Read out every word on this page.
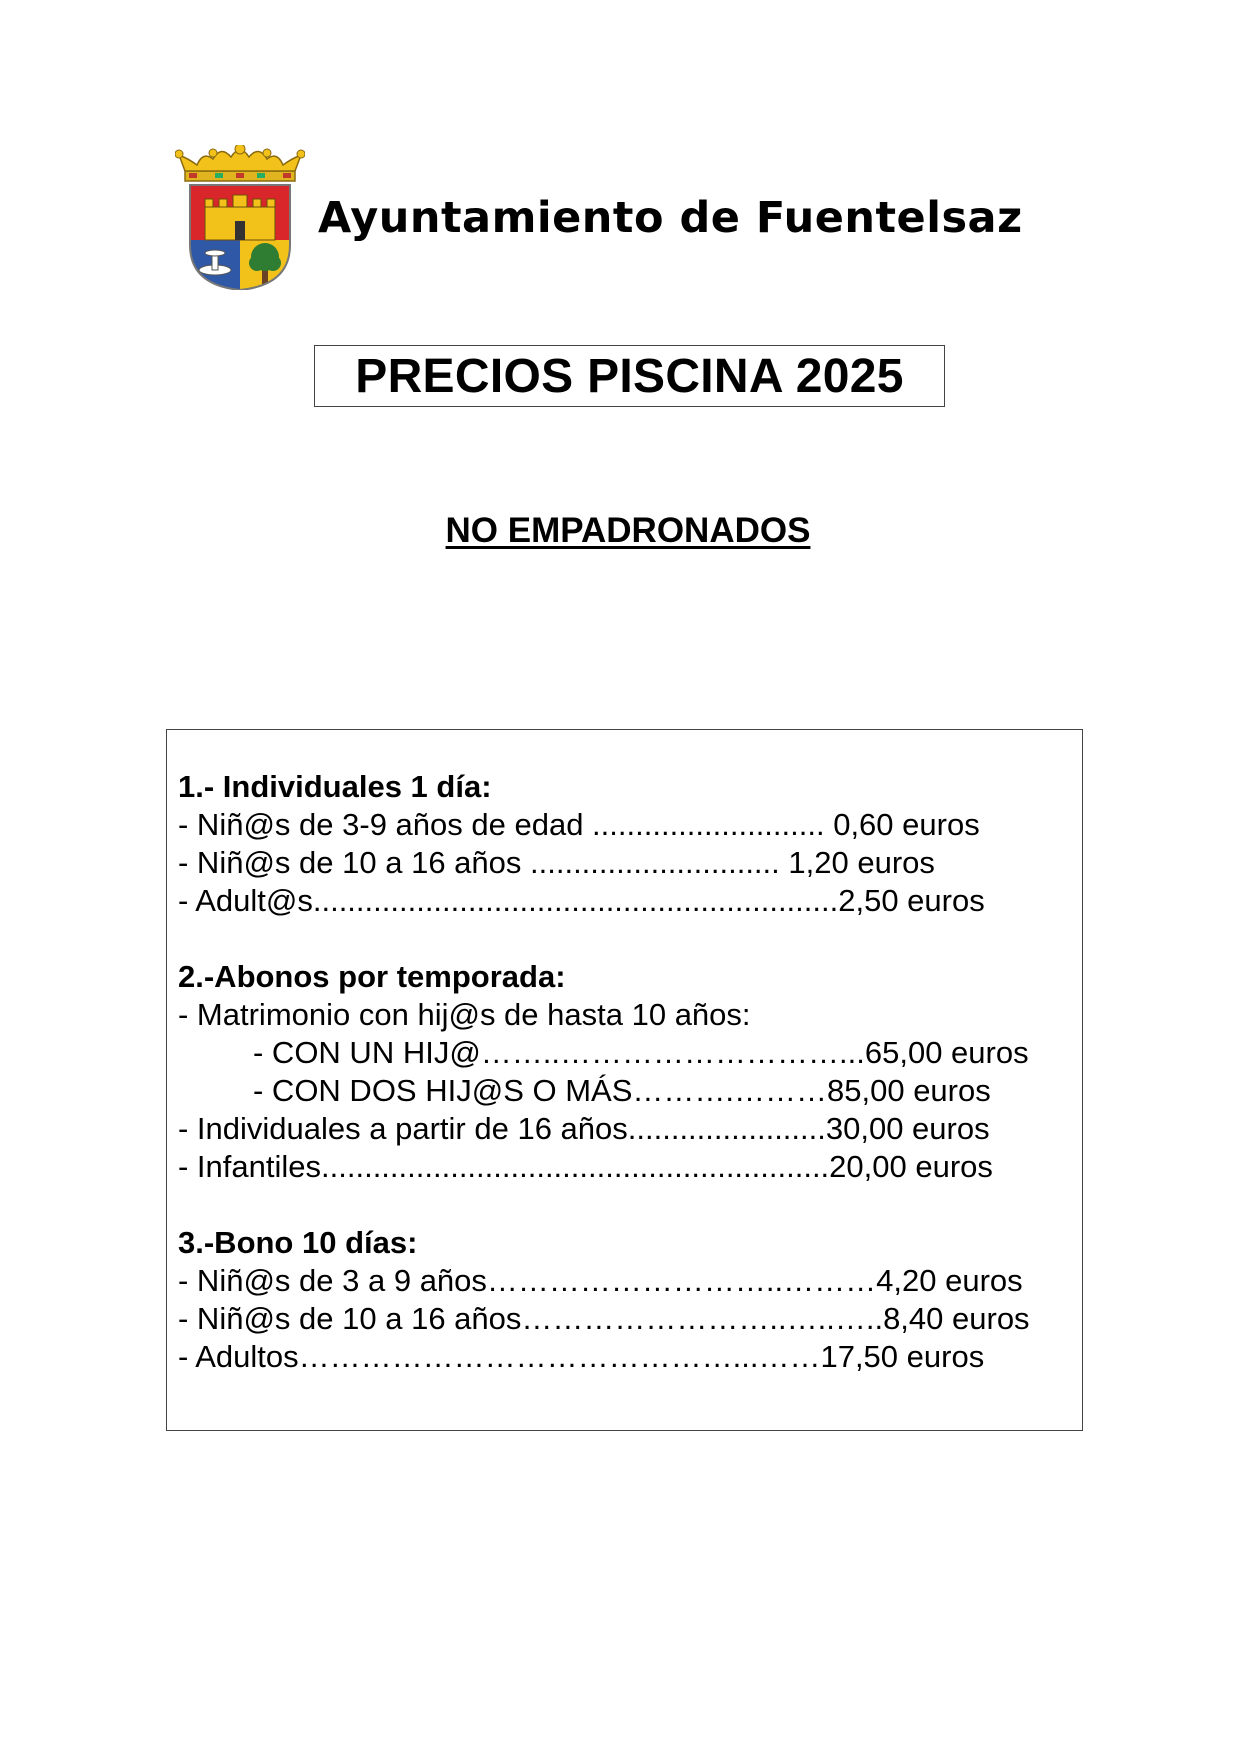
Ayuntamiento de Fuentelsaz
PRECIOS PISCINA 2025
NO EMPADRONADOS
1.- Individuales 1 día:
- Niñ@s de 3-9 años de edad ........................... 0,60 euros
- Niñ@s de 10 a 16 años ............................. 1,20 euros
- Adult@s.............................................................2,50 euros
2.-Abonos por temporada:
- Matrimonio con hij@s de hasta 10 años:
- CON UN HIJ@……..………………………...65,00 euros
- CON DOS HIJ@S O MÁS……….………85,00 euros
- Individuales a partir de 16 años.......................30,00 euros
- Infantiles...........................................................20,00 euros
3.-Bono 10 días:
- Niñ@s de 3 a 9 años………………………..………4,20 euros
- Niñ@s de 10 a 16 años……………………..…..…..8,40 euros
- Adultos……………………………………...……17,50 euros
